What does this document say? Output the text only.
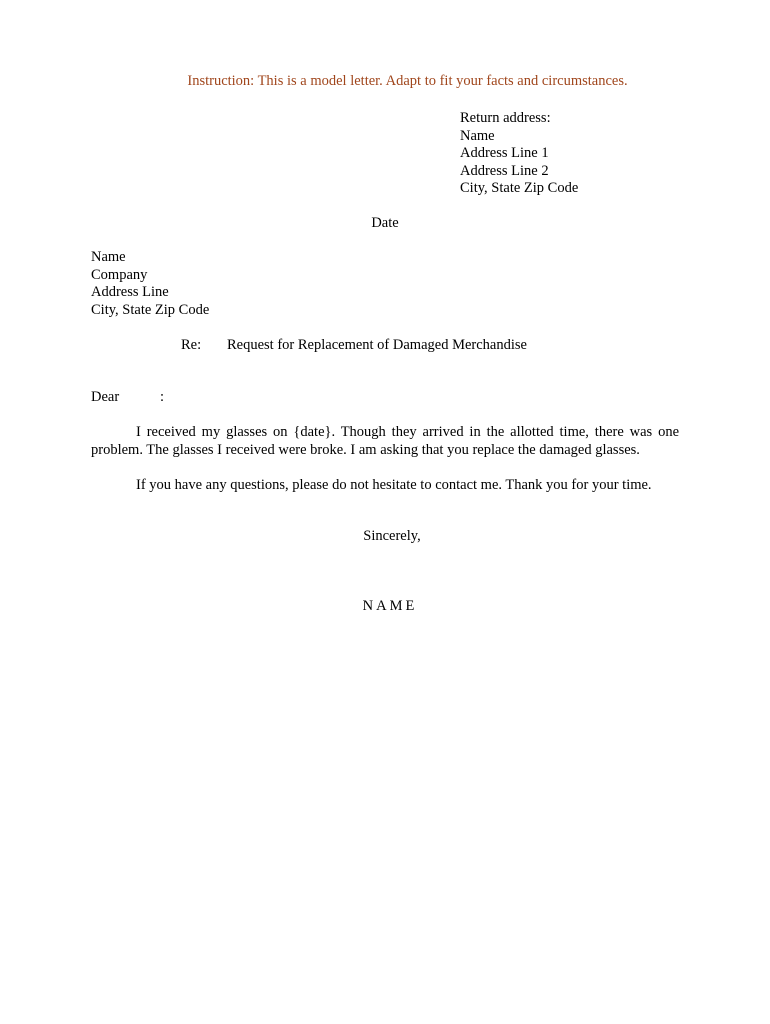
Instruction: This is a model letter. Adapt to fit your facts and circumstances.
Return address:
Name
Address Line 1
Address Line 2
City, State Zip Code
Date
Name
Company
Address Line
City, State Zip Code
Re: Request for Replacement of Damaged Merchandise
Dear	:
I received my glasses on {date}. Though they arrived in the allotted time, there was one problem. The glasses I received were broke. I am asking that you replace the damaged glasses.
If you have any questions, please do not hesitate to contact me. Thank you for your time.
Sincerely,
NAME
